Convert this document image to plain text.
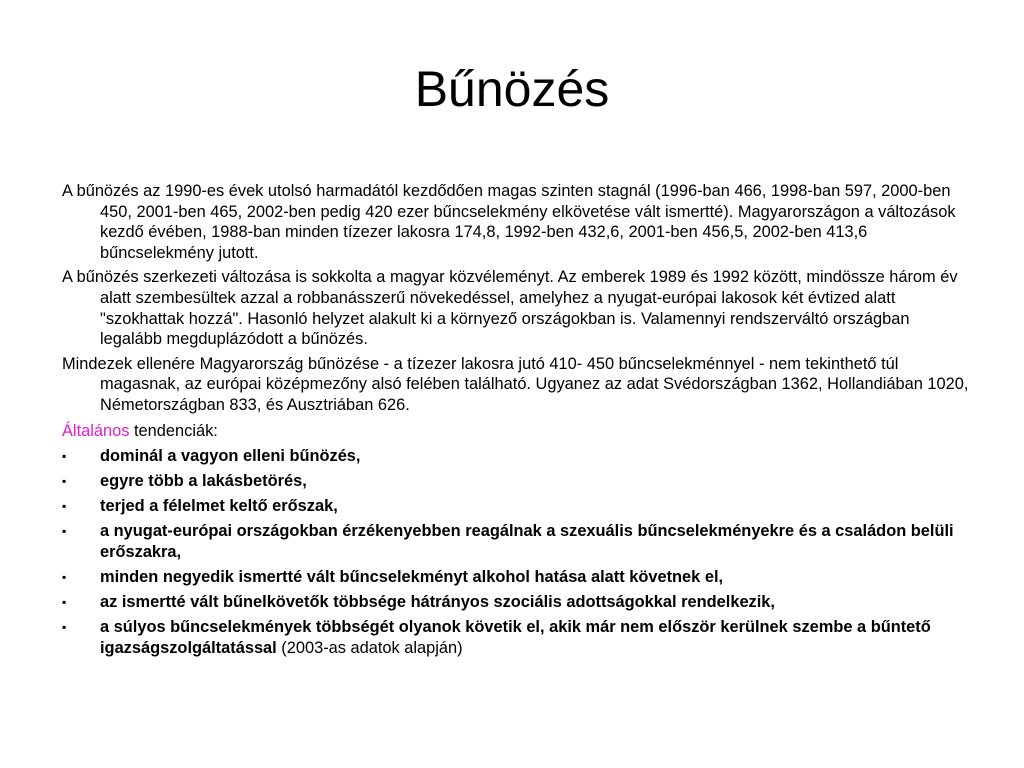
Bűnözés

A bűnözés az 1990-es évek utolsó harmadától kezdődően magas szinten stagnál (1996-ban 466, 1998-ban 597, 2000-ben 450, 2001-ben 465, 2002-ben pedig 420 ezer bűncselekmény elkövetése vált ismertté). Magyarországon a változások kezdő évében, 1988-ban minden tízezer lakosra 174,8, 1992-ben 432,6, 2001-ben 456,5, 2002-ben 413,6 bűncselekmény jutott.

A bűnözés szerkezeti változása is sokkolta a magyar közvéleményt. Az emberek 1989 és 1992 között, mindössze három év alatt szembesültek azzal a robbanásszerű növekedéssel, amelyhez a nyugat-európai lakosok két évtized alatt "szokhattak hozzá". Hasonló helyzet alakult ki a környező országokban is. Valamennyi rendszerváltó országban legalább megduplázódott a bűnözés.

Mindezek ellenére Magyarország bűnözése - a tízezer lakosra jutó 410- 450 bűncselekménnyel - nem tekinthető túl magasnak, az európai középmezőny alsó felében található. Ugyanez az adat Svédországban 1362, Hollandiában 1020, Németországban 833, és Ausztriában 626.

Általános tendenciák:

▪ dominál a vagyon elleni bűnözés,
▪ egyre több a lakásbetörés,
▪ terjed a félelmet keltő erőszak,
▪ a nyugat-európai országokban érzékenyebben reagálnak a szexuális bűncselekményekre és a családon belüli erőszakra,
▪ minden negyedik ismertté vált bűncselekményt alkohol hatása alatt követnek el,
▪ az ismertté vált bűnelkövetők többsége hátrányos szociális adottságokkal rendelkezik,
▪ a súlyos bűncselekmények többségét olyanok követik el, akik már nem először kerülnek szembe a bűntető igazságszolgáltatással (2003-as adatok alapján)
